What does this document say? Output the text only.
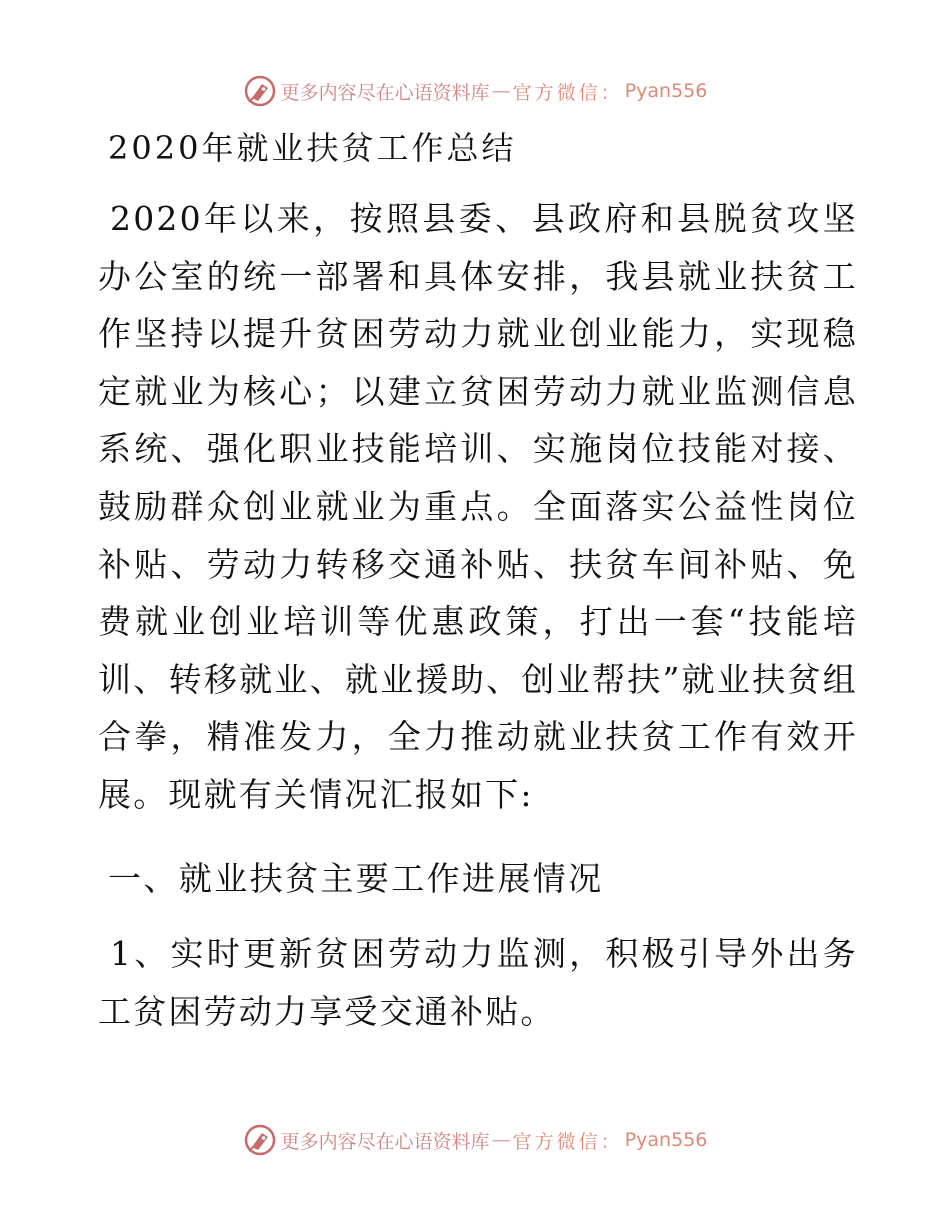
更多内容尽在心语资料库 — 官方微信： Pyan556
2020年就业扶贫工作总结

2020年以来，按照县委、县政府和县脱贫攻坚办公室的统一部署和具体安排，我县就业扶贫工作坚持以提升贫困劳动力就业创业能力，实现稳定就业为核心；以建立贫困劳动力就业监测信息系统、强化职业技能培训、实施岗位技能对接、鼓励群众创业就业为重点。全面落实公益性岗位补贴、劳动力转移交通补贴、扶贫车间补贴、免费就业创业培训等优惠政策，打出一套“技能培训、转移就业、就业援助、创业帮扶”就业扶贫组合拳，精准发力，全力推动就业扶贫工作有效开展。现就有关情况汇报如下:

一、就业扶贫主要工作进展情况

1、实时更新贫困劳动力监测，积极引导外出务工贫困劳动力享受交通补贴。

更多内容尽在心语资料库 — 官方微信： Pyan556
